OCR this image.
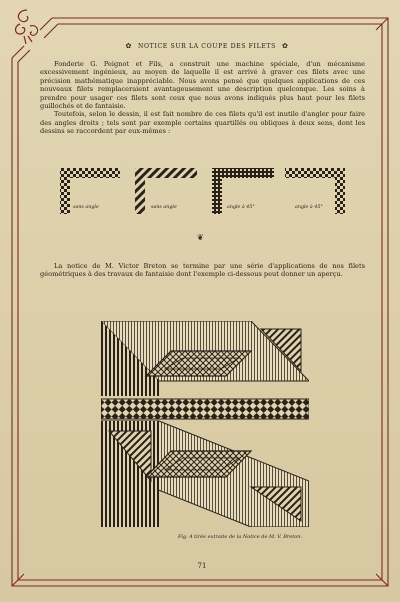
✿ NOTICE SUR LA COUPE DES FILETS ✿

Fonderie G. Peignot et Fils, a construit une machine spéciale, d'un mécanisme excessivement ingénieux, au moyen de laquelle il est arrivé à graver ces filets avec une précision mathématique inappréciable. Nous avons pensé que quelques applications de ces nouveaux filets remplaceraient avantageusement une description quelconque. Les soins à prendre pour usager ces filets sont ceux que nous avons indiqués plus haut pour les filets guillochés et de fantaisie.

Toutefois, selon le dessin, il est fait nombre de ces filets qu'il est inutile d'angler pour faire des angles droits ; tels sont par exemple certains quartillés ou obliques à deux sens, dont les dessins se raccordent par eux-mêmes :

sans angle	sans angle	angle à 45°	angle à 45°
❦

La notice de M. Victor Breton se termine par une série d'applications de nos filets géométriques à des travaux de fantaisie dont l'exemple ci-dessous peut donner un aperçu.

Fig. 4 tirée extraite de la Notice de M. V. Breton.
71
